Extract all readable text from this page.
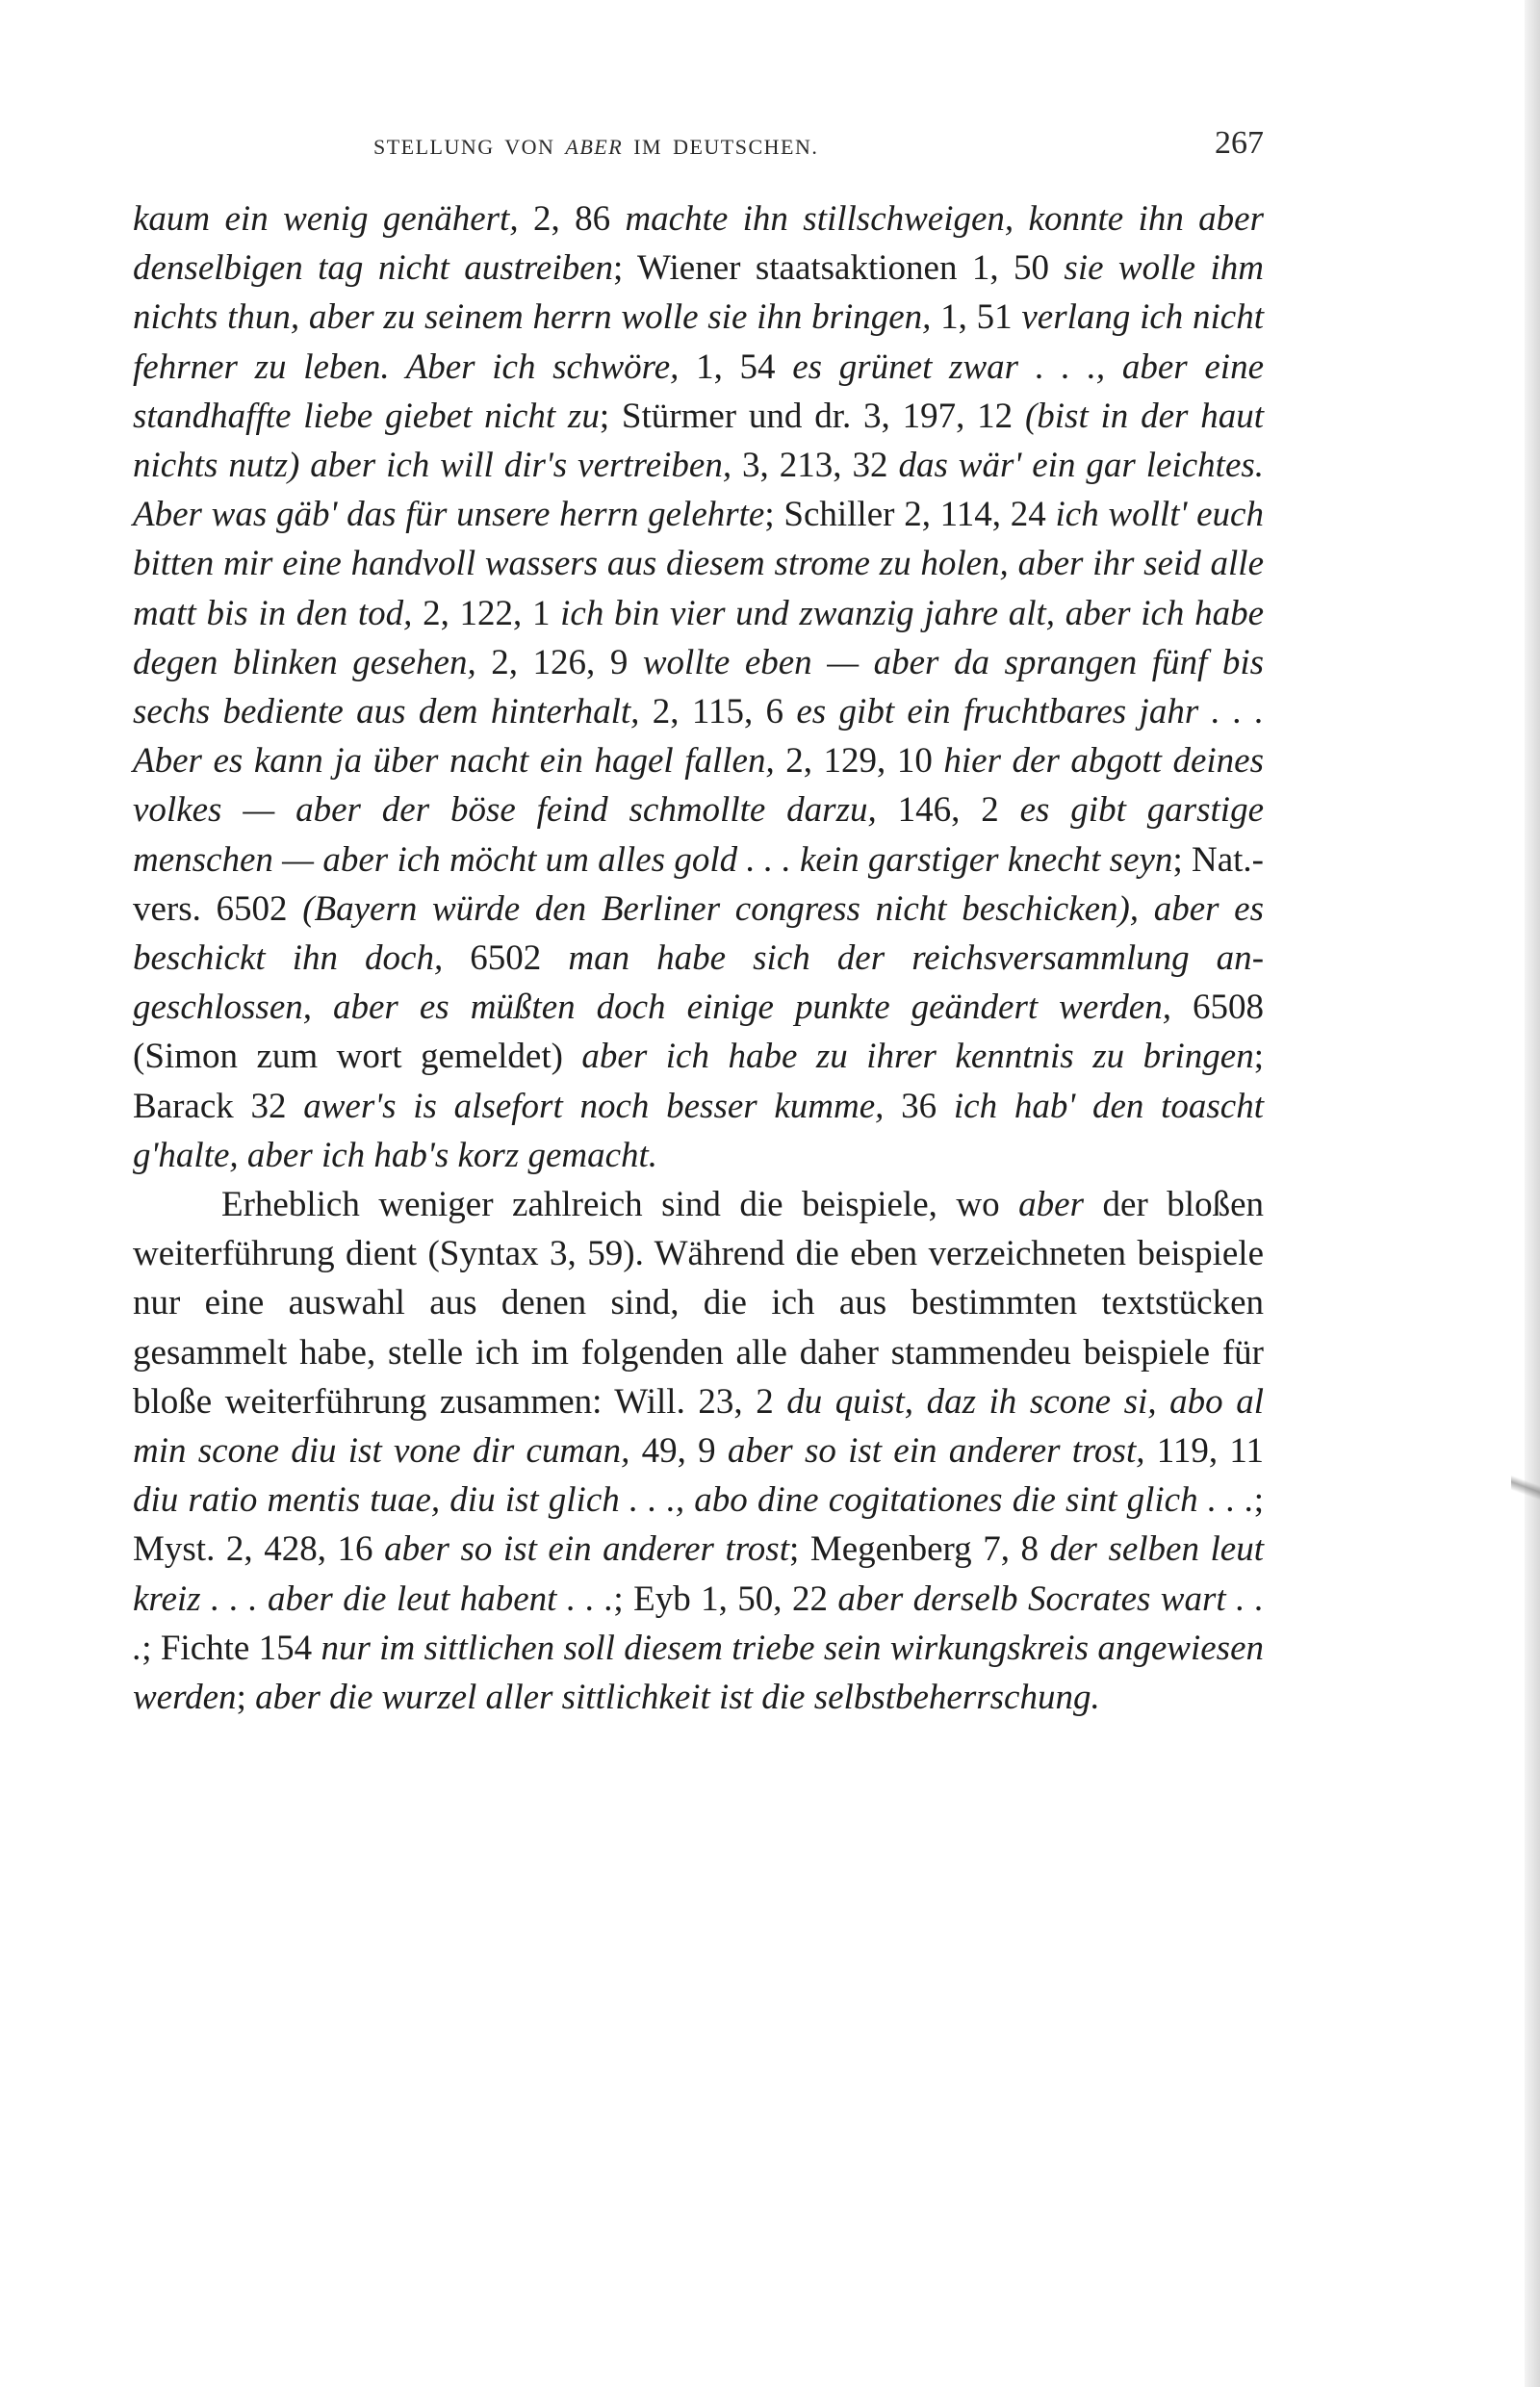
STELLUNG VON ABER IM DEUTSCHEN.	267

kaum ein wenig genähert, 2, 86 machte ihn stillschweigen, konnte ihn aber denselbigen tag nicht austreiben; Wiener staatsaktionen 1, 50 sie wolle ihm nichts thun, aber zu seinem herrn wolle sie ihn bringen, 1, 51 verlang ich nicht fehrner zu leben. Aber ich schwöre, 1, 54 es grünet zwar . . ., aber eine standhaffte liebe giebet nicht zu; Stürmer und dr. 3, 197, 12 (bist in der haut nichts nutz) aber ich will dir's vertreiben, 3, 213, 32 das wär' ein gar leichtes. Aber was gäb' das für unsere herrn gelehrte; Schiller 2, 114, 24 ich wollt' euch bitten mir eine handvoll wassers aus diesem strome zu holen, aber ihr seid alle matt bis in den tod, 2, 122, 1 ich bin vier und zwanzig jahre alt, aber ich habe degen blinken gesehen, 2, 126, 9 wollte eben — aber da sprangen fünf bis sechs bediente aus dem hinterhalt, 2, 115, 6 es gibt ein fruchtbares jahr . . . Aber es kann ja über nacht ein hagel fallen, 2, 129, 10 hier der abgott deines volkes — aber der böse feind schmollte darzu, 146, 2 es gibt garstige menschen — aber ich möcht um alles gold . . . kein garstiger knecht seyn; Nat.-vers. 6502 (Bayern würde den Berliner congress nicht beschicken), aber es beschickt ihn doch, 6502 man habe sich der reichsversammlung angeschlossen, aber es müßten doch einige punkte geändert werden, 6508 (Simon zum wort gemeldet) aber ich habe zu ihrer kenntnis zu bringen; Barack 32 awer's is alsefort noch besser kumme, 36 ich hab' den toascht g'halte, aber ich hab's korz gemacht.

Erheblich weniger zahlreich sind die beispiele, wo aber der bloßen weiterführung dient (Syntax 3, 59). Während die eben verzeichneten beispiele nur eine auswahl aus denen sind, die ich aus bestimmten textstücken gesammelt habe, stelle ich im folgenden alle daher stammendeu beispiele für bloße weiterführung zusammen: Will. 23, 2 du quist, daz ih scone si, abo al min scone diu ist vone dir cuman, 49, 9 aber so ist ein anderer trost, 119, 11 diu ratio mentis tuae, diu ist glich . . ., abo dine cogitationes die sint glich . . .; Myst. 2, 428, 16 aber so ist ein anderer trost; Megenberg 7, 8 der selben leut kreiz . . . aber die leut habent . . .; Eyb 1, 50, 22 aber derselb Socrates wart . . .; Fichte 154 nur im sittlichen soll diesem triebe sein wirkungskreis angewiesen werden; aber die wurzel aller sittlichkeit ist die selbstbeherrschung.
